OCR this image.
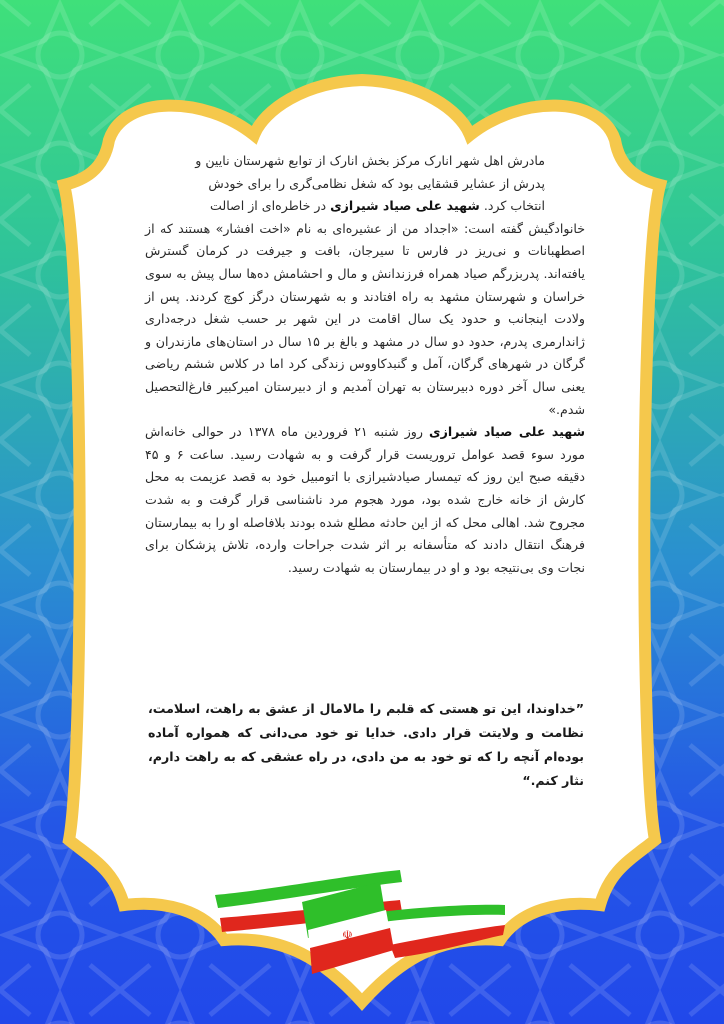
مادرش اهل شهر انارک مرکز بخش انارک از توابع شهرستان نایین و

پدرش از عشایر قشقایی بود که شغل نظامی‌گری را برای خودش

انتخاب کرد. شهید علی صیاد شیرازی در خاطره‌ای از اصالت

خانوادگیش گفته است: «اجداد من از عشیره‌ای به نام «اخت افشار» هستند که از اصطهبانات و نی‌ریز در فارس تا سیرجان، بافت و جیرفت در کرمان گسترش یافته‌اند. پدربزرگم صیاد همراه فرزندانش و مال و احشامش ده‌ها سال پیش به سوی خراسان و شهرستان مشهد به راه افتادند و به شهرستان درگز کوچ کردند. پس از ولادت اینجانب و حدود یک سال اقامت در این شهر بر حسب شغل درجه‌داری ژاندارمری پدرم، حدود دو سال در مشهد و بالغ بر ۱۵ سال در استان‌های مازندران و گرگان در شهرهای گرگان، آمل و گنبدکاووس زندگی کرد اما در کلاس ششم ریاضی یعنی سال آخر دوره دبیرستان به تهران آمدیم و از دبیرستان امیرکبیر فارغ‌التحصیل شدم.»

شهید علی صیاد شیرازی روز شنبه ۲۱ فروردین ماه ۱۳۷۸ در حوالی خانه‌اش مورد سوء قصد عوامل تروریست قرار گرفت و به شهادت رسید. ساعت ۶ و ۴۵ دقیقه صبح این روز که تیمسار صیادشیرازی با اتومبیل خود به قصد عزیمت به محل کارش از خانه خارج شده بود، مورد هجوم مرد ناشناسی قرار گرفت و به شدت مجروح شد. اهالی محل که از این حادثه مطلع شده بودند بلافاصله او را به بیمارستان فرهنگ انتقال دادند که متأسفانه بر اثر شدت جراحات وارده، تلاش پزشکان برای نجات وی بی‌نتیجه بود و او در بیمارستان به شهادت رسید.

”خداوندا، این تو هستی که قلبم را مالامال از عشق به راهت، اسلامت، نظامت و ولایتت قرار دادی. خدایا تو خود می‌دانی که همواره آماده بوده‌ام آنچه را که تو خود به من دادی، در راه عشقی که به راهت دارم، نثار کنم.“

☫
